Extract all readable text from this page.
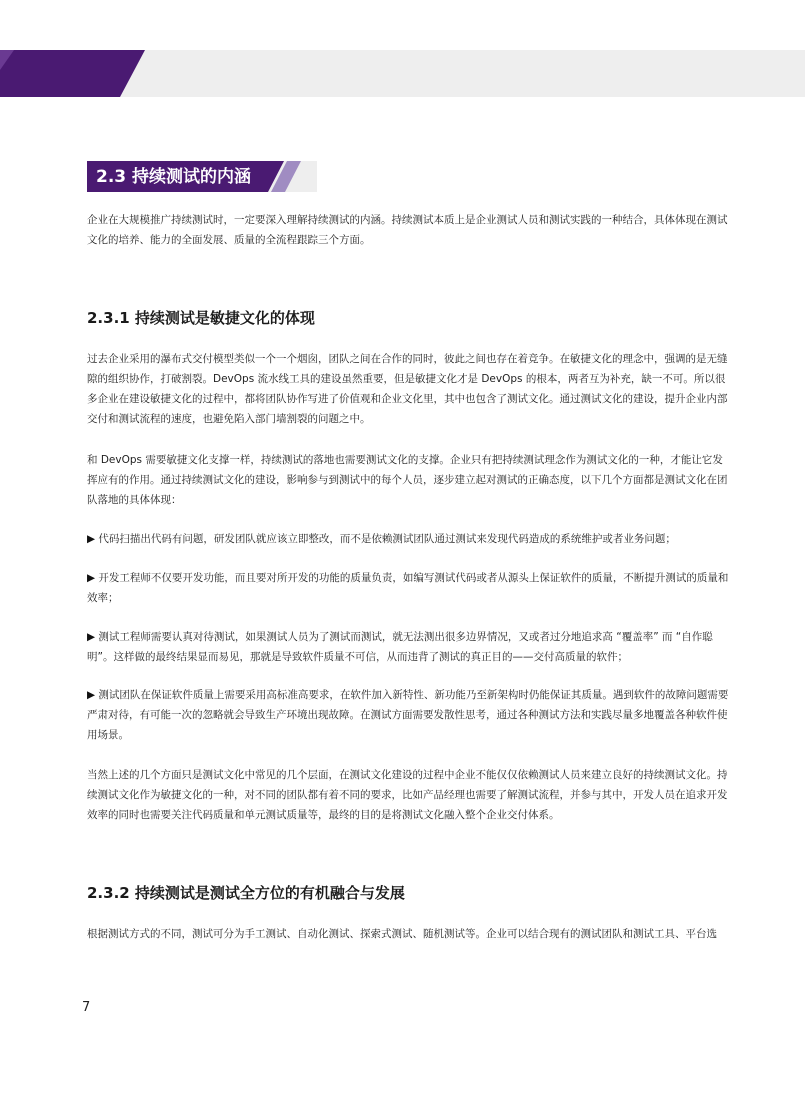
2.3 持续测试的内涵

企业在大规模推广持续测试时，一定要深入理解持续测试的内涵。持续测试本质上是企业测试人员和测试实践的一种结合，具体体现在测试文化的培养、能力的全面发展、质量的全流程跟踪三个方面。

2.3.1 持续测试是敏捷文化的体现

过去企业采用的瀑布式交付模型类似一个一个烟囱，团队之间在合作的同时，彼此之间也存在着竞争。在敏捷文化的理念中，强调的是无缝隙的组织协作，打破割裂。DevOps 流水线工具的建设虽然重要，但是敏捷文化才是 DevOps 的根本，两者互为补充，缺一不可。所以很多企业在建设敏捷文化的过程中，都将团队协作写进了价值观和企业文化里，其中也包含了测试文化。通过测试文化的建设，提升企业内部交付和测试流程的速度，也避免陷入部门墙割裂的问题之中。

和 DevOps 需要敏捷文化支撑一样，持续测试的落地也需要测试文化的支撑。企业只有把持续测试理念作为测试文化的一种，才能让它发挥应有的作用。通过持续测试文化的建设，影响参与到测试中的每个人员，逐步建立起对测试的正确态度，以下几个方面都是测试文化在团队落地的具体体现：

▶ 代码扫描出代码有问题，研发团队就应该立即整改，而不是依赖测试团队通过测试来发现代码造成的系统维护或者业务问题；

▶ 开发工程师不仅要开发功能，而且要对所开发的功能的质量负责，如编写测试代码或者从源头上保证软件的质量，不断提升测试的质量和效率；

▶ 测试工程师需要认真对待测试，如果测试人员为了测试而测试，就无法测出很多边界情况，又或者过分地追求高 “覆盖率” 而 “自作聪明”。这样做的最终结果显而易见，那就是导致软件质量不可信，从而违背了测试的真正目的——交付高质量的软件；

▶ 测试团队在保证软件质量上需要采用高标准高要求，在软件加入新特性、新功能乃至新架构时仍能保证其质量。遇到软件的故障问题需要严肃对待，有可能一次的忽略就会导致生产环境出现故障。在测试方面需要发散性思考，通过各种测试方法和实践尽量多地覆盖各种软件使用场景。

当然上述的几个方面只是测试文化中常见的几个层面，在测试文化建设的过程中企业不能仅仅依赖测试人员来建立良好的持续测试文化。持续测试文化作为敏捷文化的一种，对不同的团队都有着不同的要求，比如产品经理也需要了解测试流程，并参与其中，开发人员在追求开发效率的同时也需要关注代码质量和单元测试质量等，最终的目的是将测试文化融入整个企业交付体系。

2.3.2 持续测试是测试全方位的有机融合与发展

根据测试方式的不同，测试可分为手工测试、自动化测试、探索式测试、随机测试等。企业可以结合现有的测试团队和测试工具、平台选

7
